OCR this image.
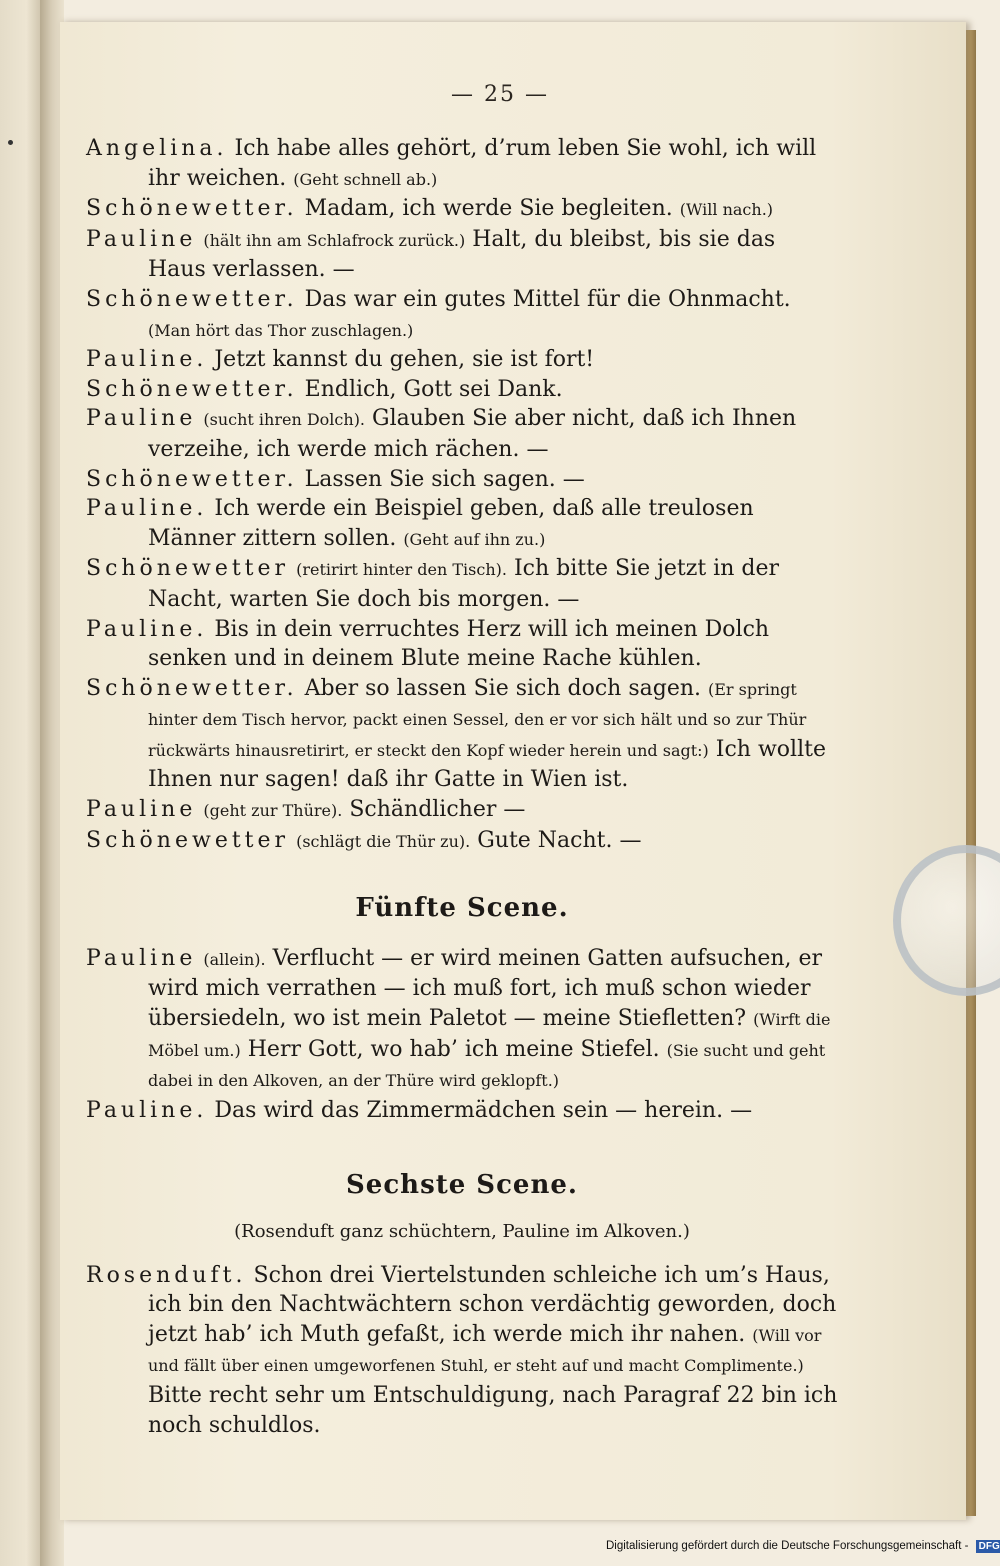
— 25 —

Angelina. Ich habe alles gehört, d’rum leben Sie wohl, ich will ihr weichen. (Geht schnell ab.)

Schönewetter. Madam, ich werde Sie begleiten. (Will nach.)

Pauline (hält ihn am Schlafrock zurück.) Halt, du bleibst, bis sie das Haus verlassen. —

Schönewetter. Das war ein gutes Mittel für die Ohnmacht. (Man hört das Thor zuschlagen.)

Pauline. Jetzt kannst du gehen, sie ist fort!

Schönewetter. Endlich, Gott sei Dank.

Pauline (sucht ihren Dolch). Glauben Sie aber nicht, daß ich Ihnen verzeihe, ich werde mich rächen. —

Schönewetter. Lassen Sie sich sagen. —

Pauline. Ich werde ein Beispiel geben, daß alle treulosen Männer zittern sollen. (Geht auf ihn zu.)

Schönewetter (retirirt hinter den Tisch). Ich bitte Sie jetzt in der Nacht, warten Sie doch bis morgen. —

Pauline. Bis in dein verruchtes Herz will ich meinen Dolch senken und in deinem Blute meine Rache kühlen.

Schönewetter. Aber so lassen Sie sich doch sagen. (Er springt hinter dem Tisch hervor, packt einen Sessel, den er vor sich hält und so zur Thür rückwärts hinausretirirt, er steckt den Kopf wieder herein und sagt:) Ich wollte Ihnen nur sagen! daß ihr Gatte in Wien ist.

Pauline (geht zur Thüre). Schändlicher —

Schönewetter (schlägt die Thür zu). Gute Nacht. —

Fünfte Scene.

Pauline (allein). Verflucht — er wird meinen Gatten aufsuchen, er wird mich verrathen — ich muß fort, ich muß schon wieder übersiedeln, wo ist mein Paletot — meine Stiefletten? (Wirft die Möbel um.) Herr Gott, wo hab’ ich meine Stiefel. (Sie sucht und geht dabei in den Alkoven, an der Thüre wird geklopft.)

Pauline. Das wird das Zimmermädchen sein — herein. —

Sechste Scene.

(Rosenduft ganz schüchtern, Pauline im Alkoven.)

Rosenduft. Schon drei Viertelstunden schleiche ich um’s Haus, ich bin den Nachtwächtern schon verdächtig geworden, doch jetzt hab’ ich Muth gefaßt, ich werde mich ihr nahen. (Will vor und fällt über einen umgeworfenen Stuhl, er steht auf und macht Complimente.) Bitte recht sehr um Entschuldigung, nach Paragraf 22 bin ich noch schuldlos.

Digitalisierung gefördert durch die Deutsche Forschungsgemeinschaft - DFG
